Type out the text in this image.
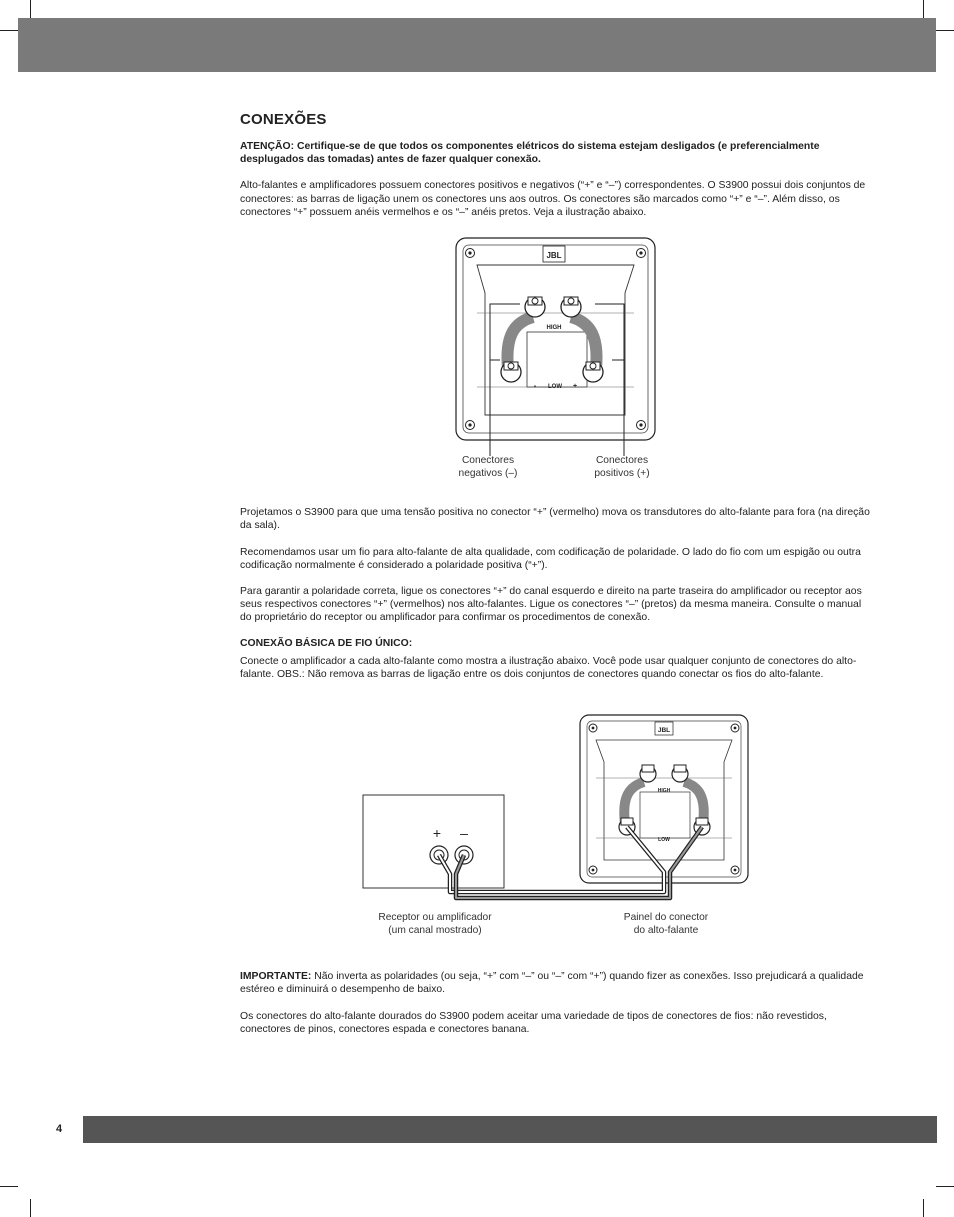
CONEXÕES
ATENÇÃO: Certifique-se de que todos os componentes elétricos do sistema estejam desligados (e preferencialmente desplugados das tomadas) antes de fazer qualquer conexão.
Alto-falantes e amplificadores possuem conectores positivos e negativos (“+” e “–”) correspondentes. O S3900 possui dois conjuntos de conectores: as barras de ligação unem os conectores uns aos outros. Os conectores são marcados como “+” e “–”. Além disso, os conectores “+” possuem anéis vermelhos e os “–” anéis pretos. Veja a ilustração abaixo.
JBL
HIGH
- LOW +
Conectores
negativos (–)
Conectores
positivos (+)
Projetamos o S3900 para que uma tensão positiva no conector “+” (vermelho) mova os transdutores do alto-falante para fora (na direção da sala).
Recomendamos usar um fio para alto-falante de alta qualidade, com codificação de polaridade. O lado do fio com um espigão ou outra codificação normalmente é considerado a polaridade positiva (“+”).
Para garantir a polaridade correta, ligue os conectores “+” do canal esquerdo e direito na parte traseira do amplificador ou receptor aos seus respectivos conectores “+” (vermelhos) nos alto-falantes. Ligue os conectores “–” (pretos) da mesma maneira. Consulte o manual do proprietário do receptor ou amplificador para confirmar os procedimentos de conexão.
CONEXÃO BÁSICA DE FIO ÚNICO:
Conecte o amplificador a cada alto-falante como mostra a ilustração abaixo. Você pode usar qualquer conjunto de conectores do alto-falante. OBS.: Não remova as barras de ligação entre os dois conjuntos de conectores quando conectar os fios do alto-falante.
+ –
JBL
HIGH
LOW
Receptor ou amplificador
(um canal mostrado)
Painel do conector
do alto-falante
IMPORTANTE: Não inverta as polaridades (ou seja, “+” com “–” ou “–” com “+”) quando fizer as conexões. Isso prejudicará a qualidade estéreo e diminuirá o desempenho de baixo.
Os conectores do alto-falante dourados do S3900 podem aceitar uma variedade de tipos de conectores de fios: não revestidos, conectores de pinos, conectores espada e conectores banana.
4
